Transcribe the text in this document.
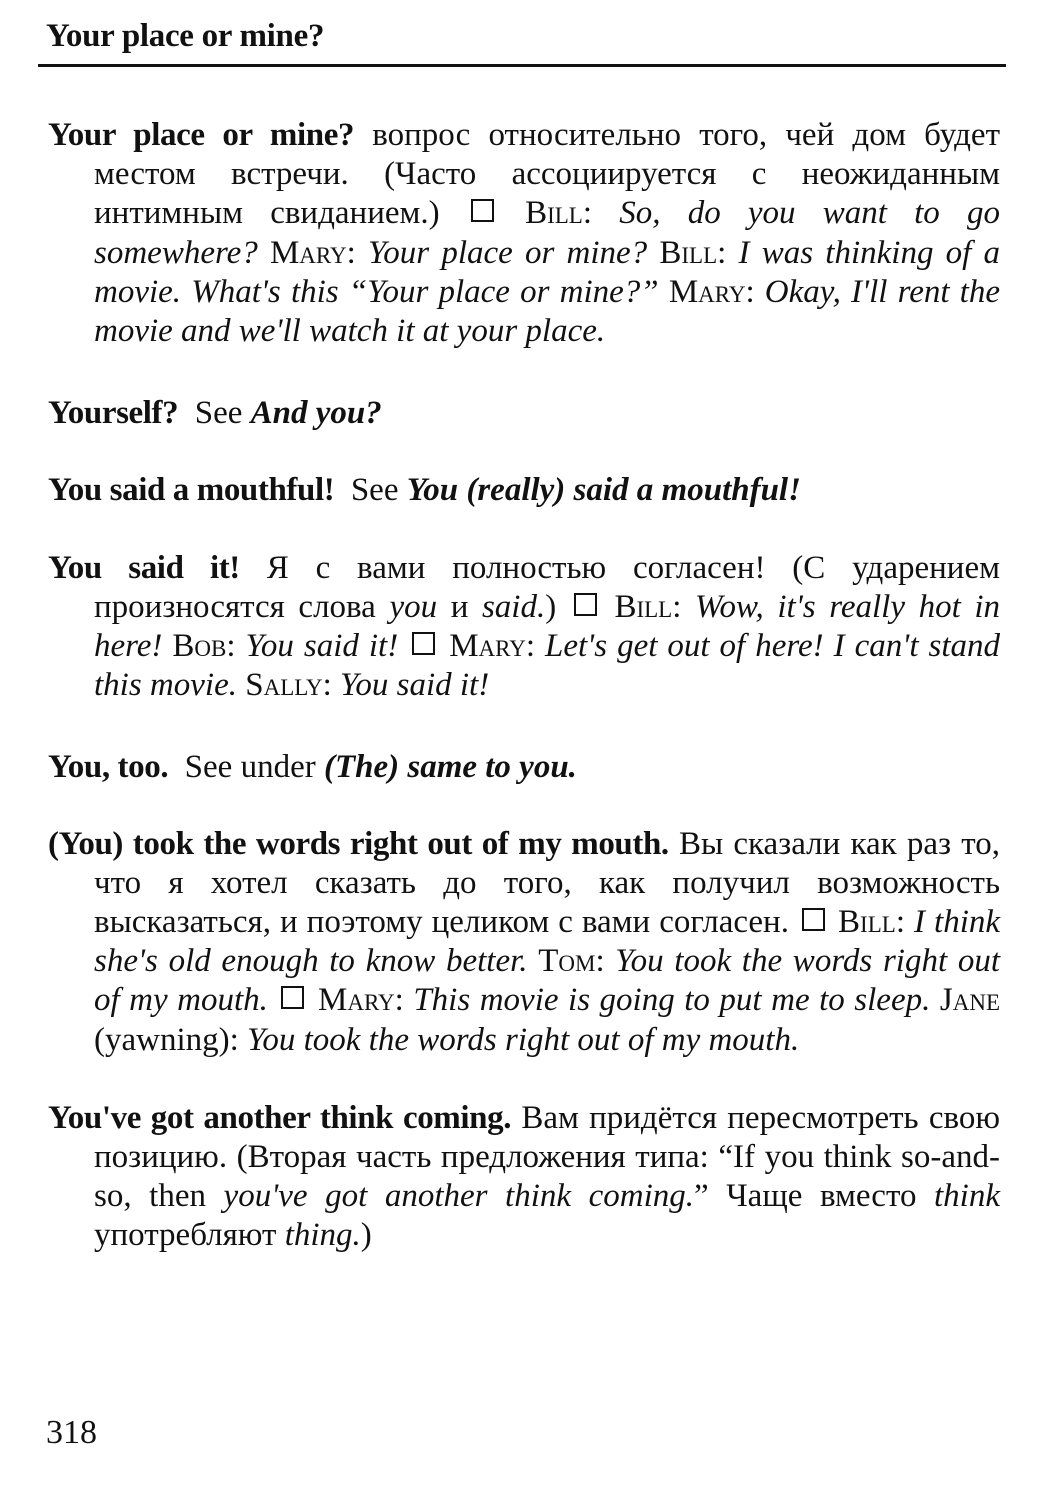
Your place or mine?

Your place or mine? вопрос относительно того, чей дом будет местом встречи. (Часто ассоциируется с неожиданным интимным свиданием.)  Bill: So, do you want to go somewhere? Mary: Your place or mine? Bill: I was thinking of a movie. What's this “Your place or mine?” Mary: Okay, I'll rent the movie and we'll watch it at your place.

Yourself? See And you?

You said a mouthful! See You (really) said a mouthful!

You said it! Я с вами полностью согласен! (С ударением произносятся слова you и said.)  Bill: Wow, it's really hot in here! Bob: You said it! Mary: Let's get out of here! I can't stand this movie. Sally: You said it!

You, too. See under (The) same to you.

(You) took the words right out of my mouth. Вы сказали как раз то, что я хотел сказать до того, как получил возможность высказаться, и поэтому целиком с вами согласен.  Bill: I think she's old enough to know better. Tom: You took the words right out of my mouth. Mary: This movie is going to put me to sleep. Jane (yawning): You took the words right out of my mouth.

You've got another think coming. Вам придётся пересмотреть свою позицию. (Вторая часть предложения типа: “If you think so-and-so, then you've got another think coming.” Чаще вместо think употребляют thing.)

318
